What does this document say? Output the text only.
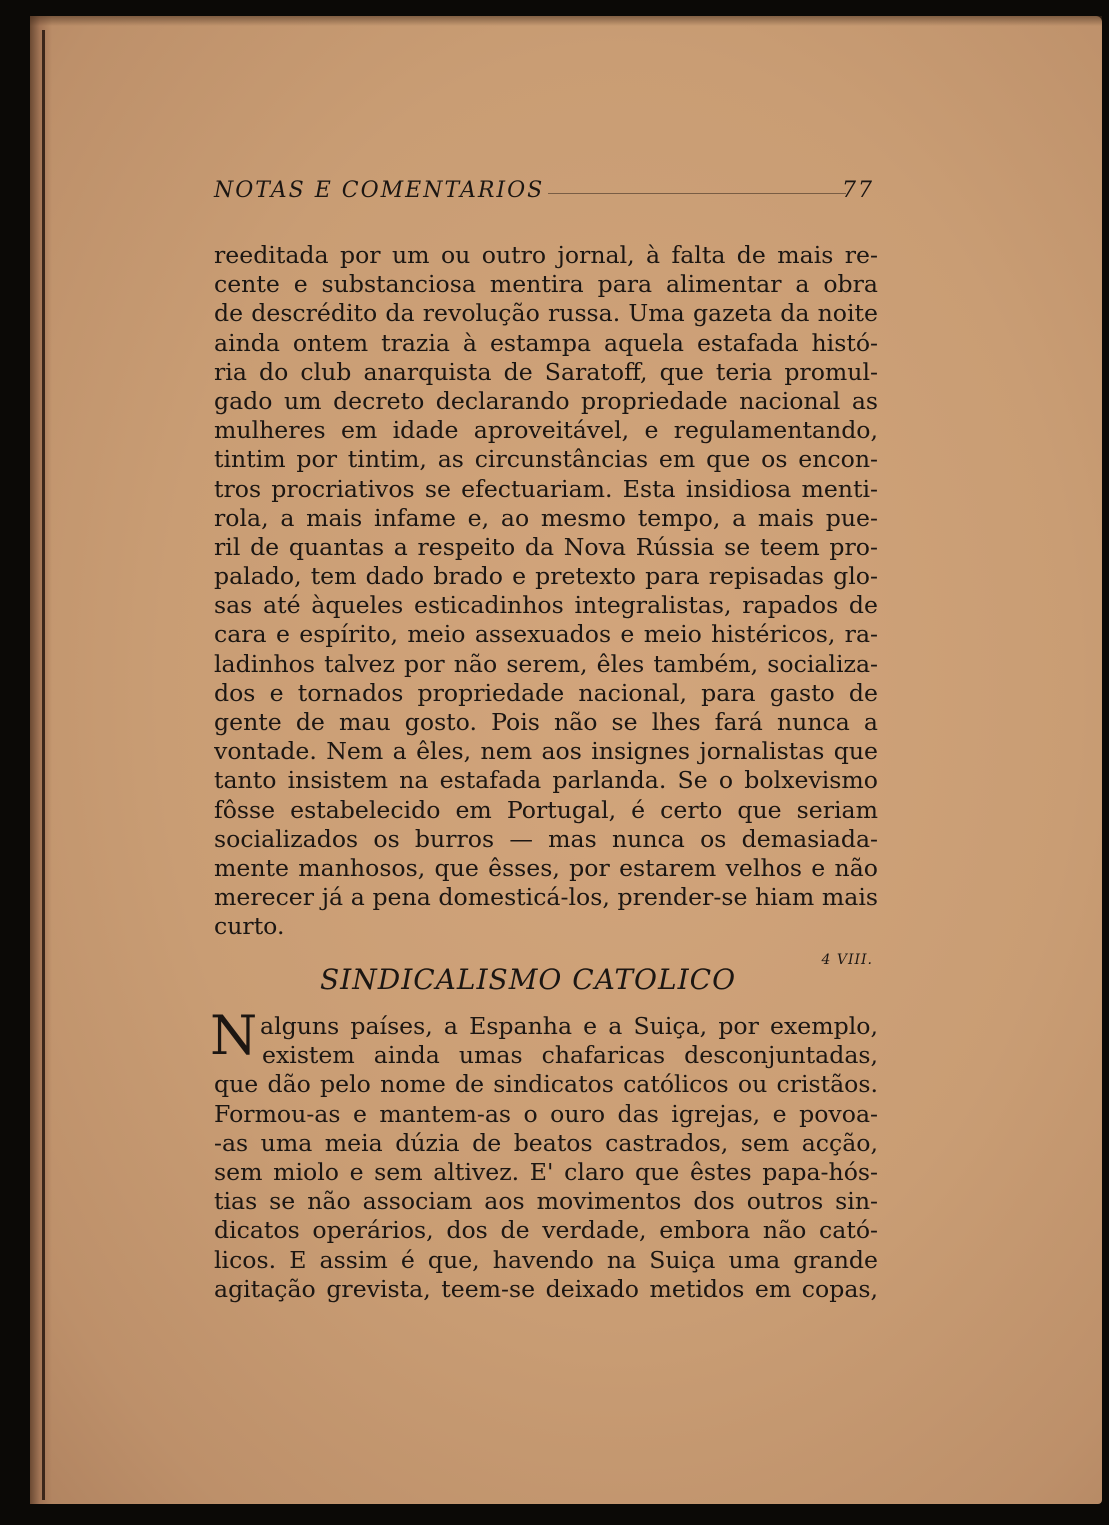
NOTAS E COMENTARIOS	77
reeditada por um ou outro jornal, à falta de mais re-
cente e substanciosa mentira para alimentar a obra
de descrédito da revolução russa. Uma gazeta da noite
ainda ontem trazia à estampa aquela estafada histó-
ria do club anarquista de Saratoff, que teria promul-
gado um decreto declarando propriedade nacional as
mulheres em idade aproveitável, e regulamentando,
tintim por tintim, as circunstâncias em que os encon-
tros procriativos se efectuariam. Esta insidiosa menti-
rola, a mais infame e, ao mesmo tempo, a mais pue-
ril de quantas a respeito da Nova Rússia se teem pro-
palado, tem dado brado e pretexto para repisadas glo-
sas até àqueles esticadinhos integralistas, rapados de
cara e espírito, meio assexuados e meio histéricos, ra-
ladinhos talvez por não serem, êles também, socializa-
dos e tornados propriedade nacional, para gasto de
gente de mau gosto. Pois não se lhes fará nunca a
vontade. Nem a êles, nem aos insignes jornalistas que
tanto insistem na estafada parlanda. Se o bolxevismo
fôsse estabelecido em Portugal, é certo que seriam
socializados os burros — mas nunca os demasiada-
mente manhosos, que êsses, por estarem velhos e não
merecer já a pena domesticá-los, prender-se hiam mais
curto.
4 VIII.
SINDICALISMO CATOLICO
N alguns países, a Espanha e a Suiça, por exemplo,
existem ainda umas chafaricas desconjuntadas,
que dão pelo nome de sindicatos católicos ou cristãos.
Formou-as e mantem-as o ouro das igrejas, e povoa-
-as uma meia dúzia de beatos castrados, sem acção,
sem miolo e sem altivez. E' claro que êstes papa-hós-
tias se não associam aos movimentos dos outros sin-
dicatos operários, dos de verdade, embora não cató-
licos. E assim é que, havendo na Suiça uma grande
agitação grevista, teem-se deixado metidos em copas,
